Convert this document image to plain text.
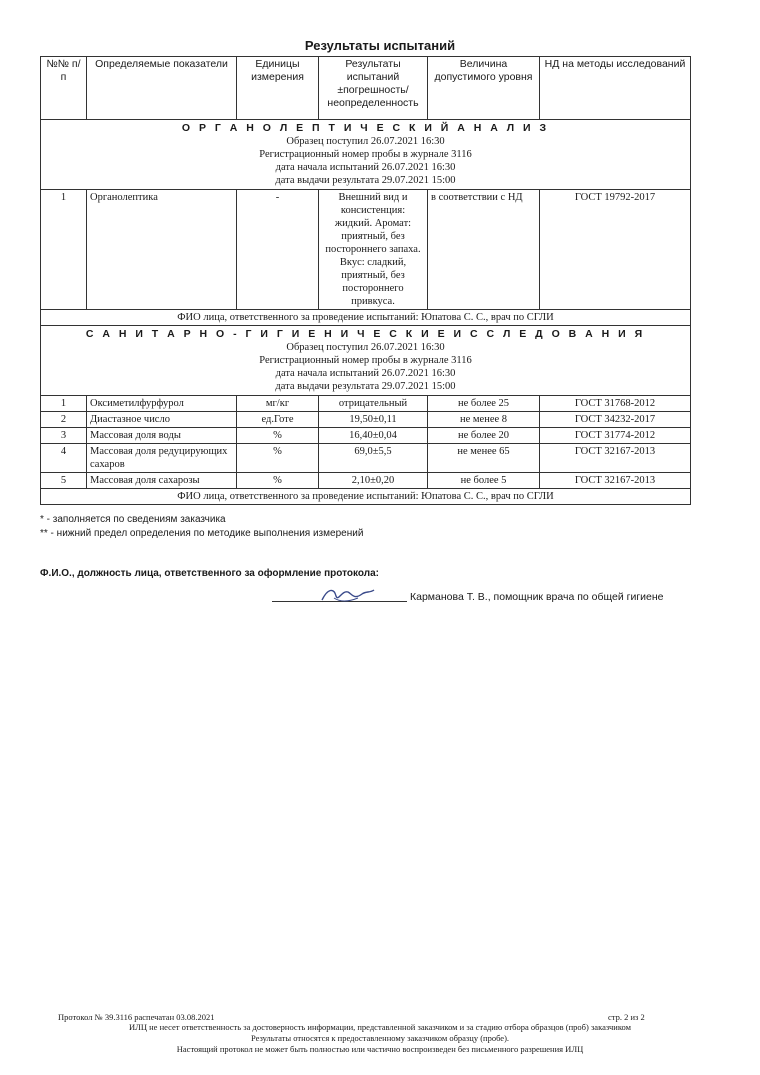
Результаты испытаний
№№ п/п	Определяемые показатели	Единицы измерения	Результаты испытаний ±погрешность/ неопределенность	Величина допустимого уровня	НД на методы исследований

О Р Г А Н О Л Е П Т И Ч Е С К И Й А Н А Л И З
Образец поступил 26.07.2021 16:30
Регистрационный номер пробы в журнале 3116
дата начала испытаний 26.07.2021 16:30
дата выдачи результата 29.07.2021 15:00					

1	Органолептика	-	Внешний вид и консистенция: жидкий. Аромат: приятный, без постороннего запаха. Вкус: сладкий, приятный, без постороннего привкуса.	в соответствии с НД	ГОСТ 19792-2017
ФИО лица, ответственного за проведение испытаний: Юпатова С. С., врач по СГЛИ					

С А Н И Т А Р Н О - Г И Г И Е Н И Ч Е С К И Е И С С Л Е Д О В А Н И Я
Образец поступил 26.07.2021 16:30
Регистрационный номер пробы в журнале 3116
дата начала испытаний 26.07.2021 16:30
дата выдачи результата 29.07.2021 15:00					

1	Оксиметилфурфурол	мг/кг	отрицательный	не более 25	ГОСТ 31768-2012
2	Диастазное число	ед.Готе	19,50±0,11	не менее 8	ГОСТ 34232-2017
3	Массовая доля воды	%	16,40±0,04	не более 20	ГОСТ 31774-2012
4	Массовая доля редуцирующих сахаров	%	69,0±5,5	не менее 65	ГОСТ 32167-2013
5	Массовая доля сахарозы	%	2,10±0,20	не более 5	ГОСТ 32167-2013
ФИО лица, ответственного за проведение испытаний: Юпатова С. С., врач по СГЛИ					
* - заполняется по сведениям заказчика
** - нижний предел определения по методике выполнения измерений
Ф.И.О., должность лица, ответственного за оформление протокола:
Карманова Т. В., помощник врача по общей гигиене
Протокол № 39.3116 распечатан 03.08.2021	стр. 2 из 2
ИЛЦ не несет ответственность за достоверность информации, представленной заказчиком и за стадию отбора образцов (проб) заказчиком
Результаты относятся к предоставленному заказчиком образцу (пробе).
Настоящий протокол не может быть полностью или частично воспроизведен без письменного разрешения ИЛЦ
